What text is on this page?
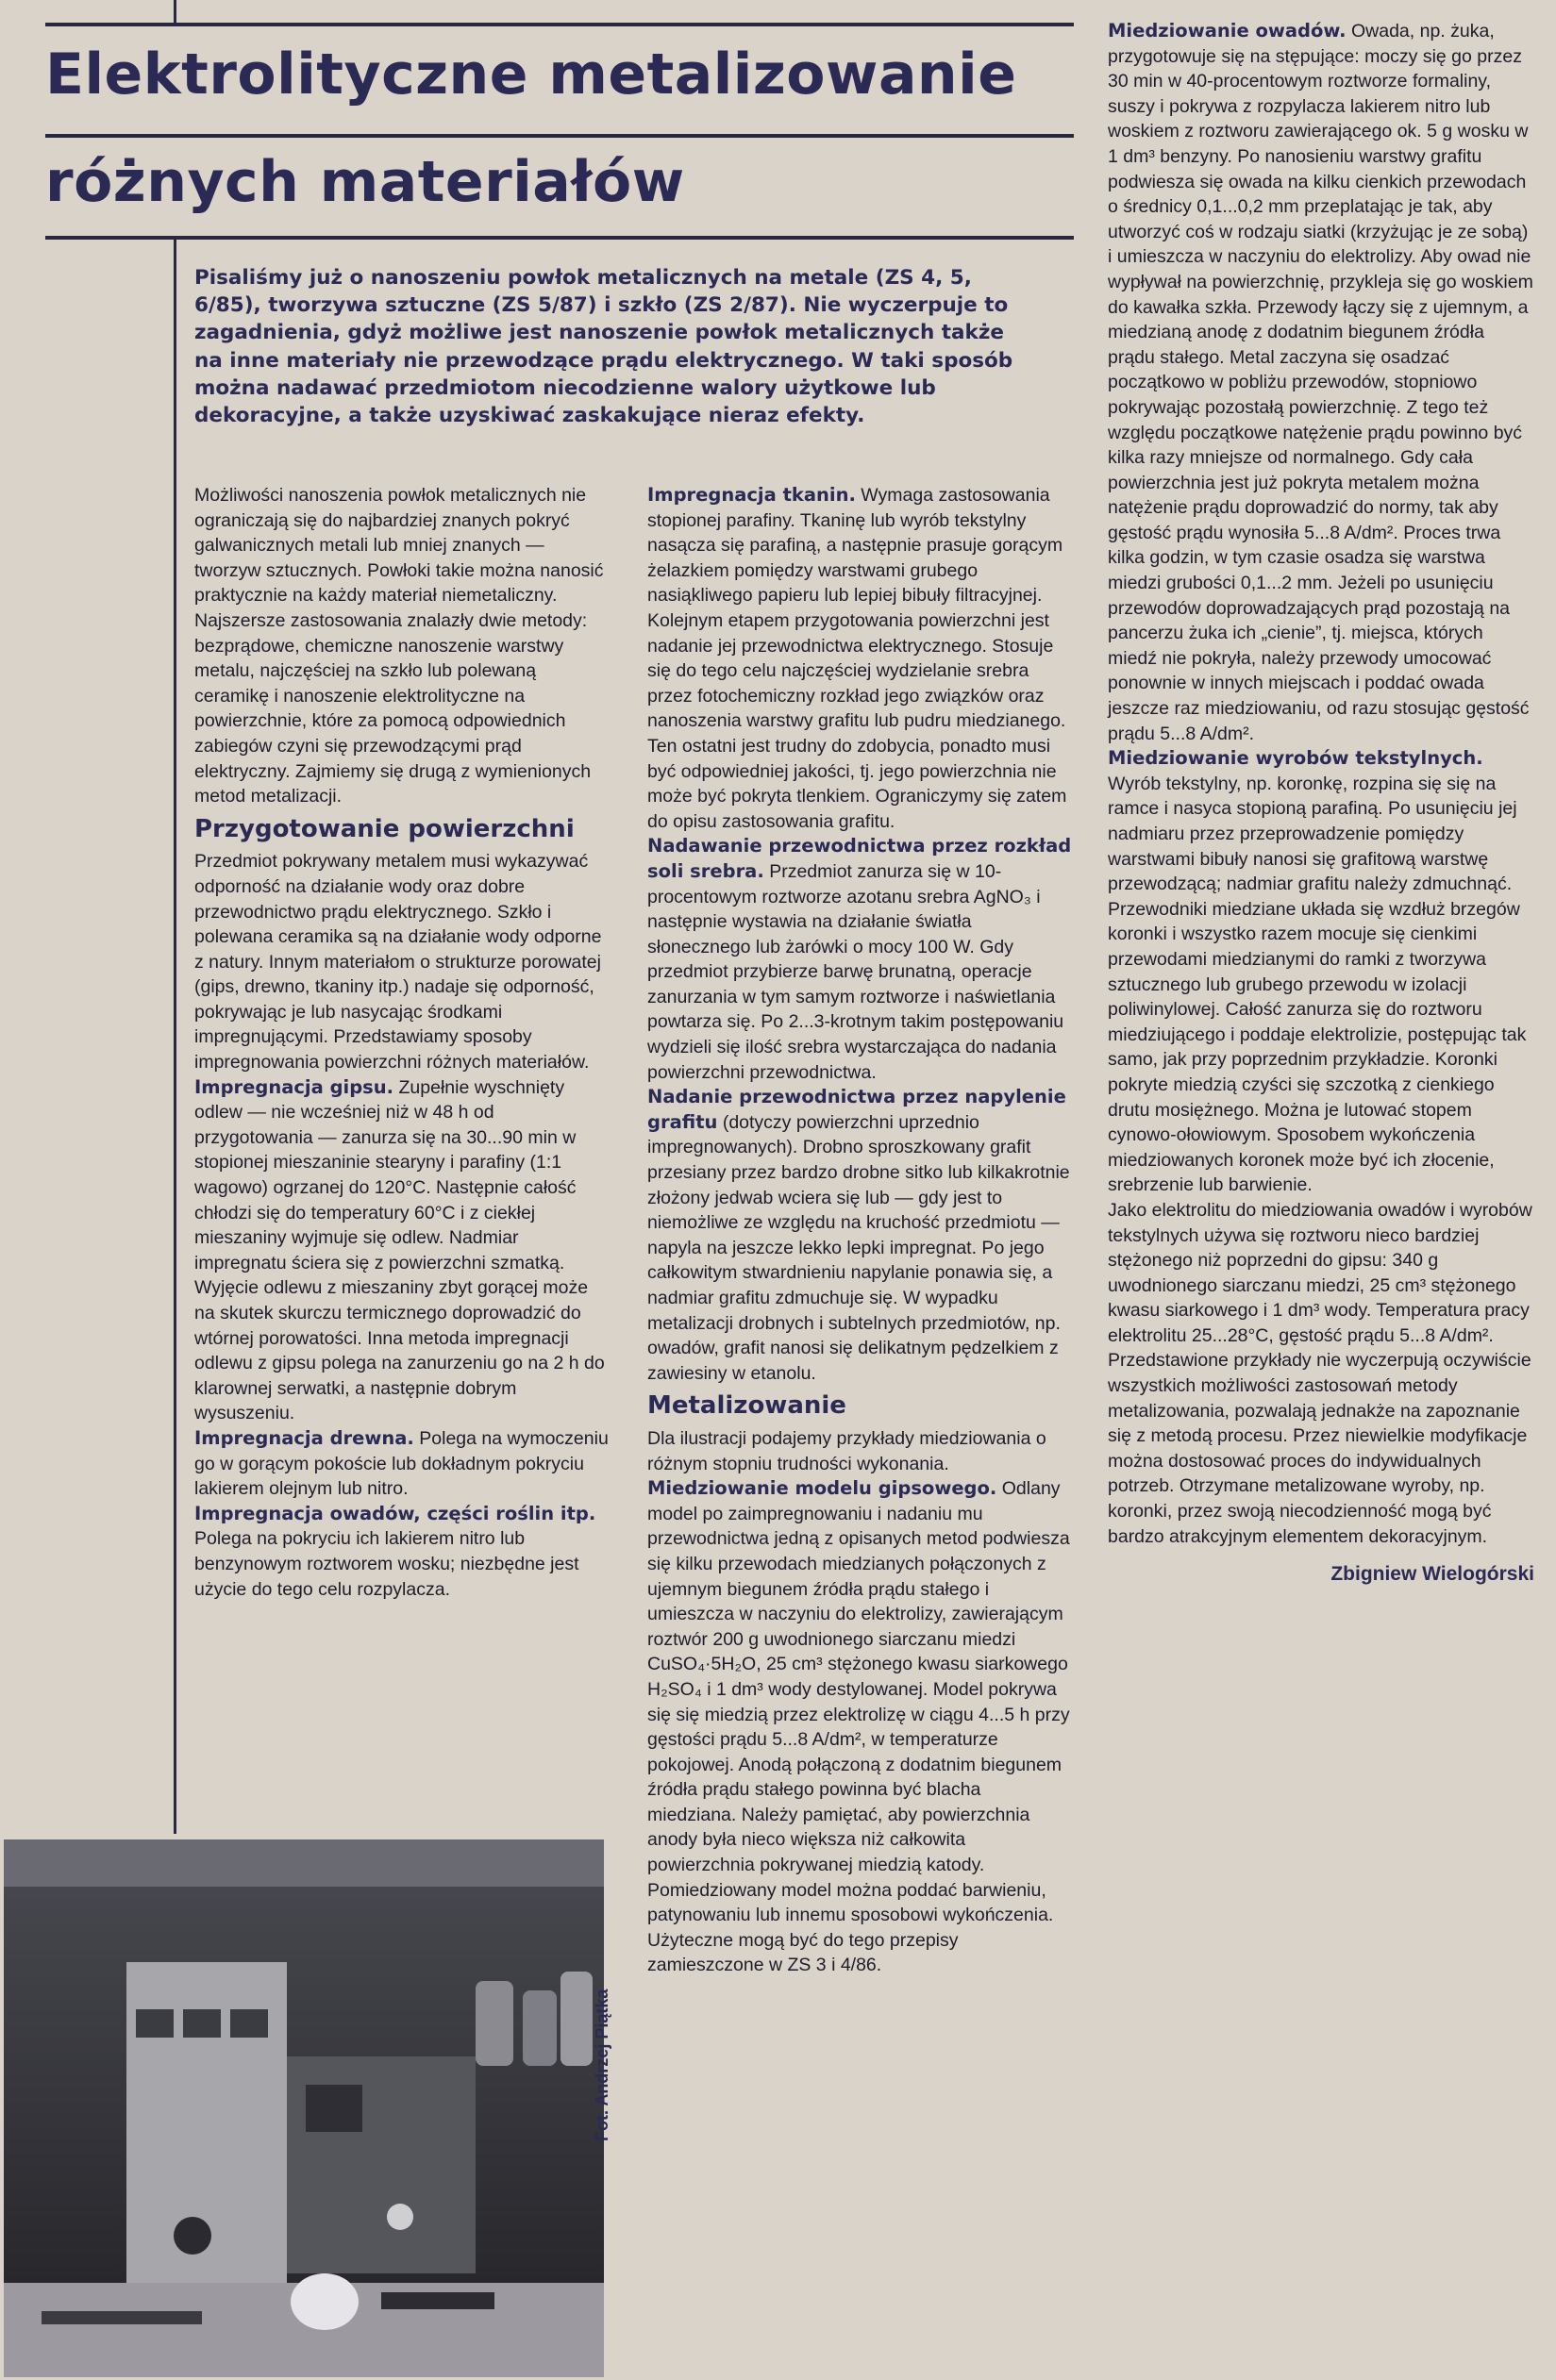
Elektrolityczne metalizowanie
różnych materiałów

Pisaliśmy już o nanoszeniu powłok metalicznych na metale (ZS 4, 5, 6/85), tworzywa sztuczne (ZS 5/87) i szkło (ZS 2/87). Nie wyczerpuje to zagadnienia, gdyż możliwe jest nanoszenie powłok metalicznych także na inne materiały nie przewodzące prądu elektrycznego. W taki sposób można nadawać przedmiotom niecodzienne walory użytkowe lub dekoracyjne, a także uzyskiwać zaskakujące nieraz efekty.

Możliwości nanoszenia powłok metalicznych nie ograniczają się do najbardziej znanych pokryć galwanicznych metali lub mniej znanych — tworzyw sztucznych. Powłoki takie można nanosić praktycznie na każdy materiał niemetaliczny. Najszersze zastosowania znalazły dwie metody: bezprądowe, chemiczne nanoszenie warstwy metalu, najczęściej na szkło lub polewaną ceramikę i nanoszenie elektrolityczne na powierzchnie, które za pomocą odpowiednich zabiegów czyni się przewodzącymi prąd elektryczny. Zajmiemy się drugą z wymienionych metod metalizacji.

Przygotowanie powierzchni

Przedmiot pokrywany metalem musi wykazywać odporność na działanie wody oraz dobre przewodnictwo prądu elektrycznego. Szkło i polewana ceramika są na działanie wody odporne z natury. Innym materiałom o strukturze porowatej (gips, drewno, tkaniny itp.) nadaje się odporność, pokrywając je lub nasycając środkami impregnującymi. Przedstawiamy sposoby impregnowania powierzchni różnych materiałów.

Impregnacja gipsu. Zupełnie wyschnięty odlew — nie wcześniej niż w 48 h od przygotowania — zanurza się na 30...90 min w stopionej mieszaninie stearyny i parafiny (1:1 wagowo) ogrzanej do 120°C. Następnie całość chłodzi się do temperatury 60°C i z ciekłej mieszaniny wyjmuje się odlew. Nadmiar impregnatu ściera się z powierzchni szmatką. Wyjęcie odlewu z mieszaniny zbyt gorącej może na skutek skurczu termicznego doprowadzić do wtórnej porowatości. Inna metoda impregnacji odlewu z gipsu polega na zanurzeniu go na 2 h do klarownej serwatki, a następnie dobrym wysuszeniu.

Impregnacja drewna. Polega na wymoczeniu go w gorącym pokoście lub dokładnym pokryciu lakierem olejnym lub nitro.

Impregnacja owadów, części roślin itp. Polega na pokryciu ich lakierem nitro lub benzynowym roztworem wosku; niezbędne jest użycie do tego celu rozpylacza.

Impregnacja tkanin. Wymaga zastosowania stopionej parafiny. Tkaninę lub wyrób tekstylny nasącza się parafiną, a następnie prasuje gorącym żelazkiem pomiędzy warstwami grubego nasiąkliwego papieru lub lepiej bibuły filtracyjnej. Kolejnym etapem przygotowania powierzchni jest nadanie jej przewodnictwa elektrycznego. Stosuje się do tego celu najczęściej wydzielanie srebra przez fotochemiczny rozkład jego związków oraz nanoszenia warstwy grafitu lub pudru miedzianego. Ten ostatni jest trudny do zdobycia, ponadto musi być odpowiedniej jakości, tj. jego powierzchnia nie może być pokryta tlenkiem. Ograniczymy się zatem do opisu zastosowania grafitu.

Nadawanie przewodnictwa przez rozkład soli srebra. Przedmiot zanurza się w 10-procentowym roztworze azotanu srebra AgNO₃ i następnie wystawia na działanie światła słonecznego lub żarówki o mocy 100 W. Gdy przedmiot przybierze barwę brunatną, operacje zanurzania w tym samym roztworze i naświetlania powtarza się. Po 2...3-krotnym takim postępowaniu wydzieli się ilość srebra wystarczająca do nadania powierzchni przewodnictwa.

Nadanie przewodnictwa przez napylenie grafitu (dotyczy powierzchni uprzednio impregnowanych). Drobno sproszkowany grafit przesiany przez bardzo drobne sitko lub kilkakrotnie złożony jedwab wciera się lub — gdy jest to niemożliwe ze względu na kruchość przedmiotu — napyla na jeszcze lekko lepki impregnat. Po jego całkowitym stwardnieniu napylanie ponawia się, a nadmiar grafitu zdmuchuje się. W wypadku metalizacji drobnych i subtelnych przedmiotów, np. owadów, grafit nanosi się delikatnym pędzelkiem z zawiesiny w etanolu.

Metalizowanie

Dla ilustracji podajemy przykłady miedziowania o różnym stopniu trudności wykonania.

Miedziowanie modelu gipsowego. Odlany model po zaimpregnowaniu i nadaniu mu przewodnictwa jedną z opisanych metod podwiesza się kilku przewodach miedzianych połączonych z ujemnym biegunem źródła prądu stałego i umieszcza w naczyniu do elektrolizy, zawierającym roztwór 200 g uwodnionego siarczanu miedzi CuSO₄·5H₂O, 25 cm³ stężonego kwasu siarkowego H₂SO₄ i 1 dm³ wody destylowanej. Model pokrywa się się miedzią przez elektrolizę w ciągu 4...5 h przy gęstości prądu 5...8 A/dm², w temperaturze pokojowej. Anodą połączoną z dodatnim biegunem źródła prądu stałego powinna być blacha miedziana. Należy pamiętać, aby powierzchnia anody była nieco większa niż całkowita powierzchnia pokrywanej miedzią katody. Pomiedziowany model można poddać barwieniu, patynowaniu lub innemu sposobowi wykończenia. Użyteczne mogą być do tego przepisy zamieszczone w ZS 3 i 4/86.

Miedziowanie owadów. Owada, np. żuka, przygotowuje się na stępujące: moczy się go przez 30 min w 40-procentowym roztworze formaliny, suszy i pokrywa z rozpylacza lakierem nitro lub woskiem z roztworu zawierającego ok. 5 g wosku w 1 dm³ benzyny. Po nanosieniu warstwy grafitu podwiesza się owada na kilku cienkich przewodach o średnicy 0,1...0,2 mm przeplatając je tak, aby utworzyć coś w rodzaju siatki (krzyżując je ze sobą) i umieszcza w naczyniu do elektrolizy. Aby owad nie wypływał na powierzchnię, przykleja się go woskiem do kawałka szkła. Przewody łączy się z ujemnym, a miedzianą anodę z dodatnim biegunem źródła prądu stałego. Metal zaczyna się osadzać początkowo w pobliżu przewodów, stopniowo pokrywając pozostałą powierzchnię. Z tego też względu początkowe natężenie prądu powinno być kilka razy mniejsze od normalnego. Gdy cała powierzchnia jest już pokryta metalem można natężenie prądu doprowadzić do normy, tak aby gęstość prądu wynosiła 5...8 A/dm². Proces trwa kilka godzin, w tym czasie osadza się warstwa miedzi grubości 0,1...2 mm. Jeżeli po usunięciu przewodów doprowadzających prąd pozostają na pancerzu żuka ich „cienie”, tj. miejsca, których miedź nie pokryła, należy przewody umocować ponownie w innych miejscach i poddać owada jeszcze raz miedziowaniu, od razu stosując gęstość prądu 5...8 A/dm².

Miedziowanie wyrobów tekstylnych. Wyrób tekstylny, np. koronkę, rozpina się się na ramce i nasyca stopioną parafiną. Po usunięciu jej nadmiaru przez przeprowadzenie pomiędzy warstwami bibuły nanosi się grafitową warstwę przewodzącą; nadmiar grafitu należy zdmuchnąć. Przewodniki miedziane układa się wzdłuż brzegów koronki i wszystko razem mocuje się cienkimi przewodami miedzianymi do ramki z tworzywa sztucznego lub grubego przewodu w izolacji poliwinylowej. Całość zanurza się do roztworu miedziującego i poddaje elektrolizie, postępując tak samo, jak przy poprzednim przykładzie. Koronki pokryte miedzią czyści się szczotką z cienkiego drutu mosiężnego. Można je lutować stopem cynowo-ołowiowym. Sposobem wykończenia miedziowanych koronek może być ich złocenie, srebrzenie lub barwienie.

Jako elektrolitu do miedziowania owadów i wyrobów tekstylnych używa się roztworu nieco bardziej stężonego niż poprzedni do gipsu: 340 g uwodnionego siarczanu miedzi, 25 cm³ stężonego kwasu siarkowego i 1 dm³ wody. Temperatura pracy elektrolitu 25...28°C, gęstość prądu 5...8 A/dm².

Przedstawione przykłady nie wyczerpują oczywiście wszystkich możliwości zastosowań metody metalizowania, pozwalają jednakże na zapoznanie się z metodą procesu. Przez niewielkie modyfikacje można dostosować proces do indywidualnych potrzeb. Otrzymane metalizowane wyroby, np. koronki, przez swoją niecodzienność mogą być bardzo atrakcyjnym elementem dekoracyjnym.

Zbigniew Wielogórski

Fot. Andrzej Piątka
